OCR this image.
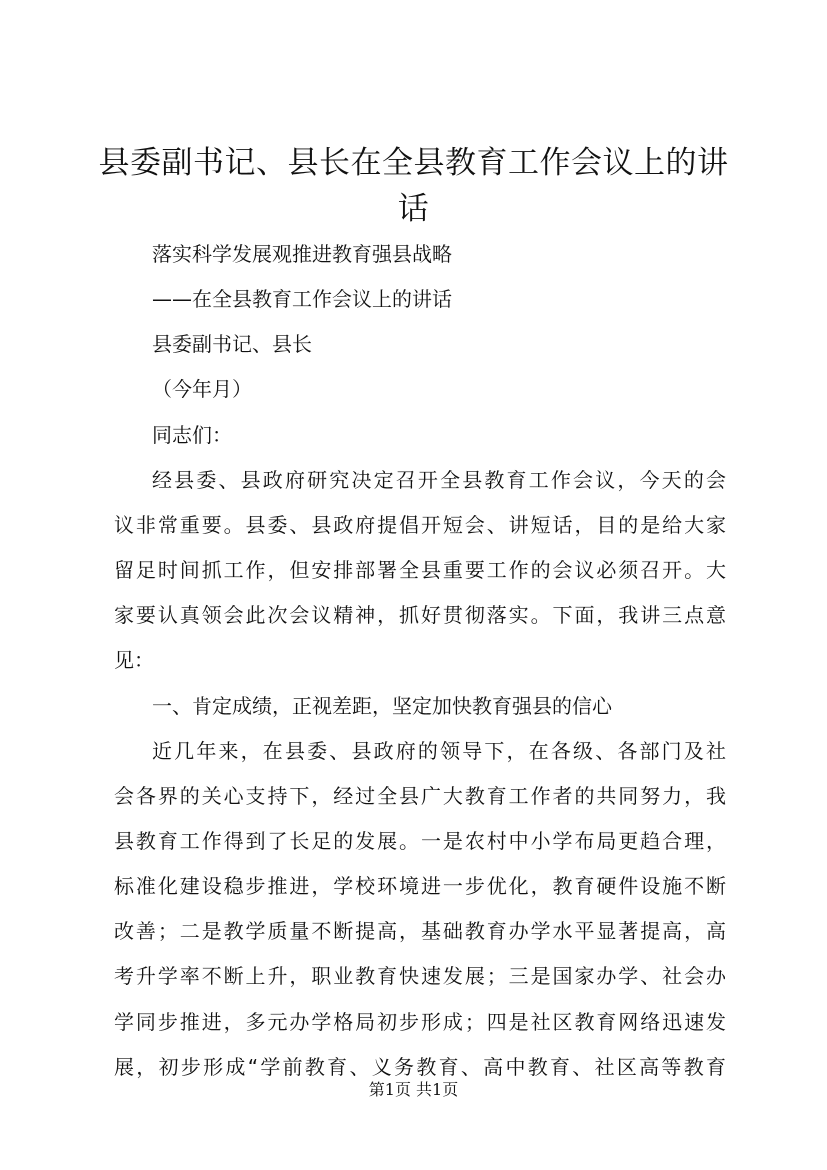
县委副书记、县长在全县教育工作会议上的讲话

落实科学发展观推进教育强县战略

——在全县教育工作会议上的讲话

县委副书记、县长

（今年月）

同志们：

经县委、县政府研究决定召开全县教育工作会议，今天的会

议非常重要。县委、县政府提倡开短会、讲短话，目的是给大家

留足时间抓工作，但安排部署全县重要工作的会议必须召开。大

家要认真领会此次会议精神，抓好贯彻落实。下面，我讲三点意

见：

一、肯定成绩，正视差距，坚定加快教育强县的信心

近几年来，在县委、县政府的领导下，在各级、各部门及社

会各界的关心支持下，经过全县广大教育工作者的共同努力，我

县教育工作得到了长足的发展。一是农村中小学布局更趋合理，

标准化建设稳步推进，学校环境进一步优化，教育硬件设施不断

改善；二是教学质量不断提高，基础教育办学水平显著提高，高

考升学率不断上升，职业教育快速发展；三是国家办学、社会办

学同步推进，多元办学格局初步形成；四是社区教育网络迅速发

展，初步形成“学前教育、义务教育、高中教育、社区高等教育

第1页 共1页
